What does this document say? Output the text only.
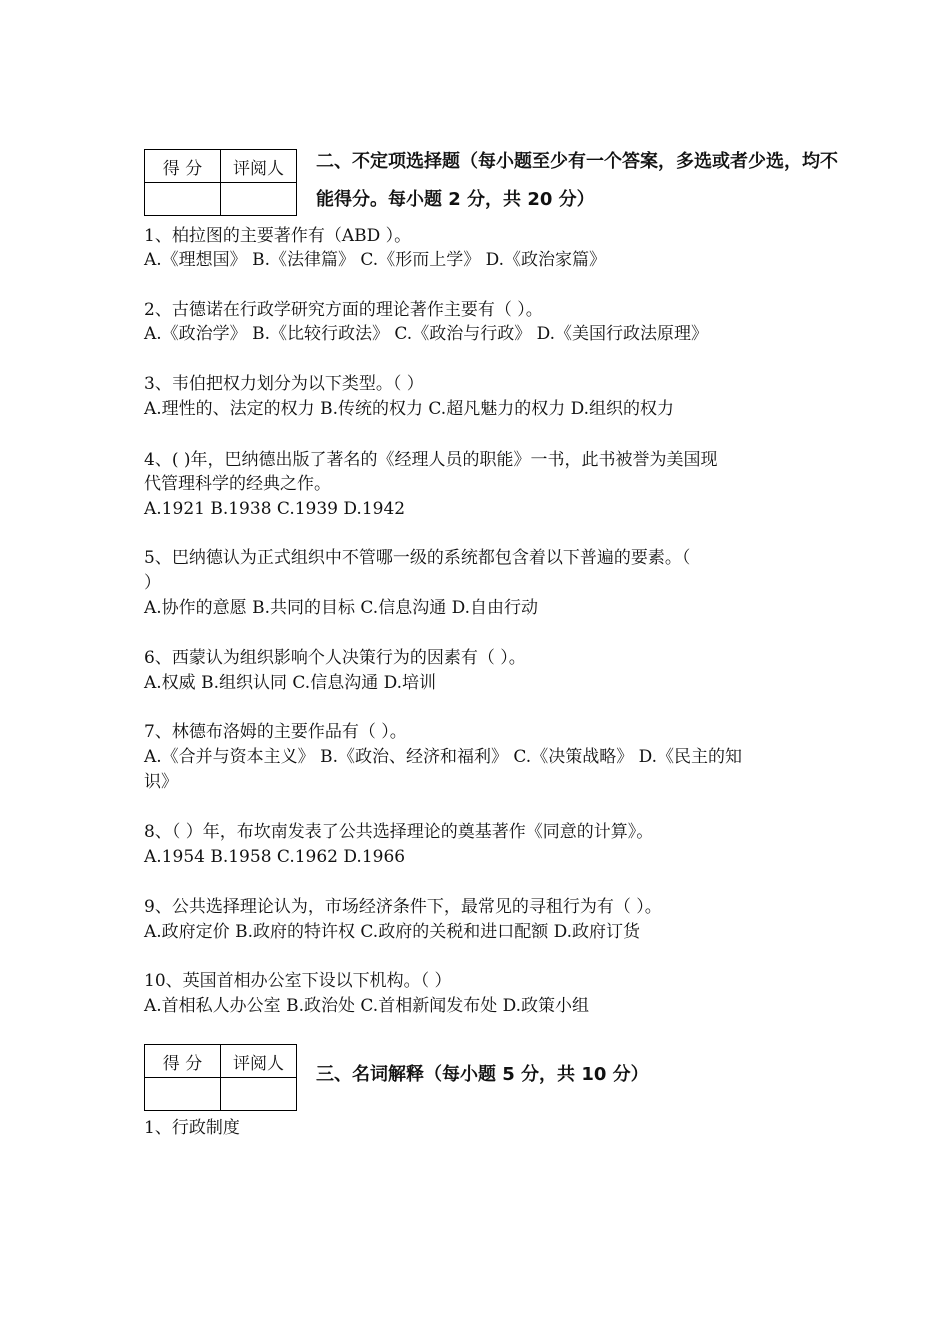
得 分	评阅人
	二、不定项选择题（每小题至少有一个答案，多选或者少选，均不
能得分。每小题 2 分，共 20 分）
1、柏拉图的主要著作有（ABD ）。
A.《理想国》 B.《法律篇》 C.《形而上学》 D.《政治家篇》
2、古德诺在行政学研究方面的理论著作主要有（ ）。
A.《政治学》 B.《比较行政法》 C.《政治与行政》 D.《美国行政法原理》
3、韦伯把权力划分为以下类型。（ ）
A.理性的、法定的权力 B.传统的权力 C.超凡魅力的权力 D.组织的权力
4、( )年，巴纳德出版了著名的《经理人员的职能》一书，此书被誉为美国现
代管理科学的经典之作。
A.1921 B.1938 C.1939 D.1942
5、巴纳德认为正式组织中不管哪一级的系统都包含着以下普遍的要素。（
）
A.协作的意愿 B.共同的目标 C.信息沟通 D.自由行动
6、西蒙认为组织影响个人决策行为的因素有（ ）。
A.权威 B.组织认同 C.信息沟通 D.培训
7、林德布洛姆的主要作品有（ ）。
A.《合并与资本主义》 B.《政治、经济和福利》 C.《决策战略》 D.《民主的知
识》
8、（ ）年，布坎南发表了公共选择理论的奠基著作《同意的计算》。
A.1954 B.1958 C.1962 D.1966
9、公共选择理论认为，市场经济条件下，最常见的寻租行为有（ ）。
A.政府定价 B.政府的特许权 C.政府的关税和进口配额 D.政府订货
10、英国首相办公室下设以下机构。（ ）
A.首相私人办公室 B.政治处 C.首相新闻发布处 D.政策小组
得 分	评阅人

三、名词解释（每小题 5 分，共 10 分）
1、行政制度
